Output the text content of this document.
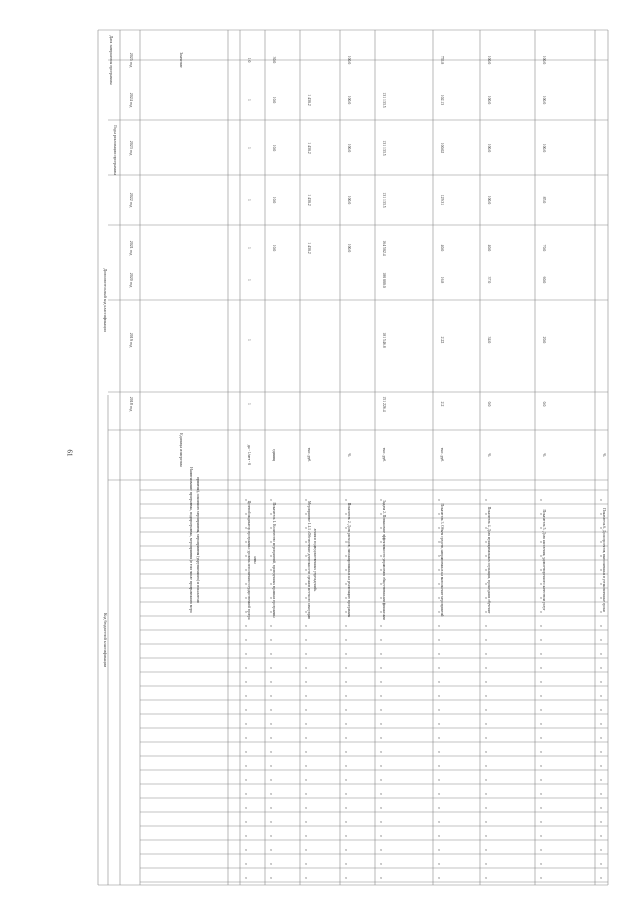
61
Код бюджетной классификации
Дополнительный код классификации
Годы реализации программы
Дата завершения программы	Значение
Единица измерения
Наименование программы, подпрограммы, мероприятия (в том числе программного меро приятия), основного мероприятия, мероприятия (укрупненного) и показателя
2018 год
2019 год
2020 год
2021 год
2022 год
2023 год
2024 год
2025 год
Целевой индикатор программы: уровень исполнения государственной програ ммы
да - 1/нет - 0
1
1
1
1
1
1
1
1.0
Показатель 1. Количество мероприятий, проведенных в рамках программы
единиц
10.0
10.0
10.0
10.0
30.0
Мероприятие 1.1.1 «Обеспечение деятельности органов местного самоуправ ления и подведомственных учреждений»
тыс. руб.
1 430.2
1 430.2
1 430.2
1 430.2
Показатель 2. Доля расходов, запланированных на реализацию программы
%
100.0
100.0
100.0
100.0
100.0
Задача 2. Повышение эффективности управления общественными финансами
тыс. руб.
151 226.4
181 546.8
180 000.0
164 502.4
131 133.5
131 133.5
131 133.5
Показатель 3. Объем средств, направленных на выполнение мероприятий
тыс. руб.
2.2
2.22
16.8
40.0
129.31
100.02
102.13
755.8
Показатель 4. Доля муниципальных служащих, прошедших обучение
%
0.0
34.0
37.0
40.0
100.0
100.0
100.0
100.0
Показатель 5. Доля населения, удовлетворенного качеством услуг
%
0.0
20.0
60.0
70.0
85.0
100.0
100.0
100.0
Показатель 6. Доля проектов, выполненных в установленные сроки
%
0
0
0
0
0
0
0
0
0
0
0
0
0
0
0
0
0
0
0
0
0
0
0
0
0
0
0
0
0
0
0
0
0
0
0
0
0
0
0
0
0
0
0
0
0
0
0
0
0
0
0
0
0
0
0
0
0
0
0
0
0
0
0
0
0
0
0
0
0
0
0
0
0
0
0
0
0
0
0
0
0
0
0
0
0
0
0
0
0
0
0
0
0
0
0
0
0
0
0
0
0
0
0
0
0
0
0
0
0
0
0
0
0
0
0
0
0
0
0
0
0
0
0
0
0
0
0
0
0
0
0
0
0
0
0
0
0
0
0
0
0
0
0
0
0
0
0
0
0
0
0
0
0
0
0
0
0
0
0
0
0
0
0
0
0
0
0
0
0
0
0
0
0
0
0
0
0
0
0
0
0
0
0
0
0
0
0
0
0
0
0
0
0
0
0
0
0
0
0
0
0
0
0
0
0
0
0
0
0
0
0
0
0
0
0
0
0
0
0
0
0
0
0
0
0
0
0
0
0
0
0
0
0
0
0
0
0
0
0
0
0
0
0
0
0
0
0
0
0
0
0
0
